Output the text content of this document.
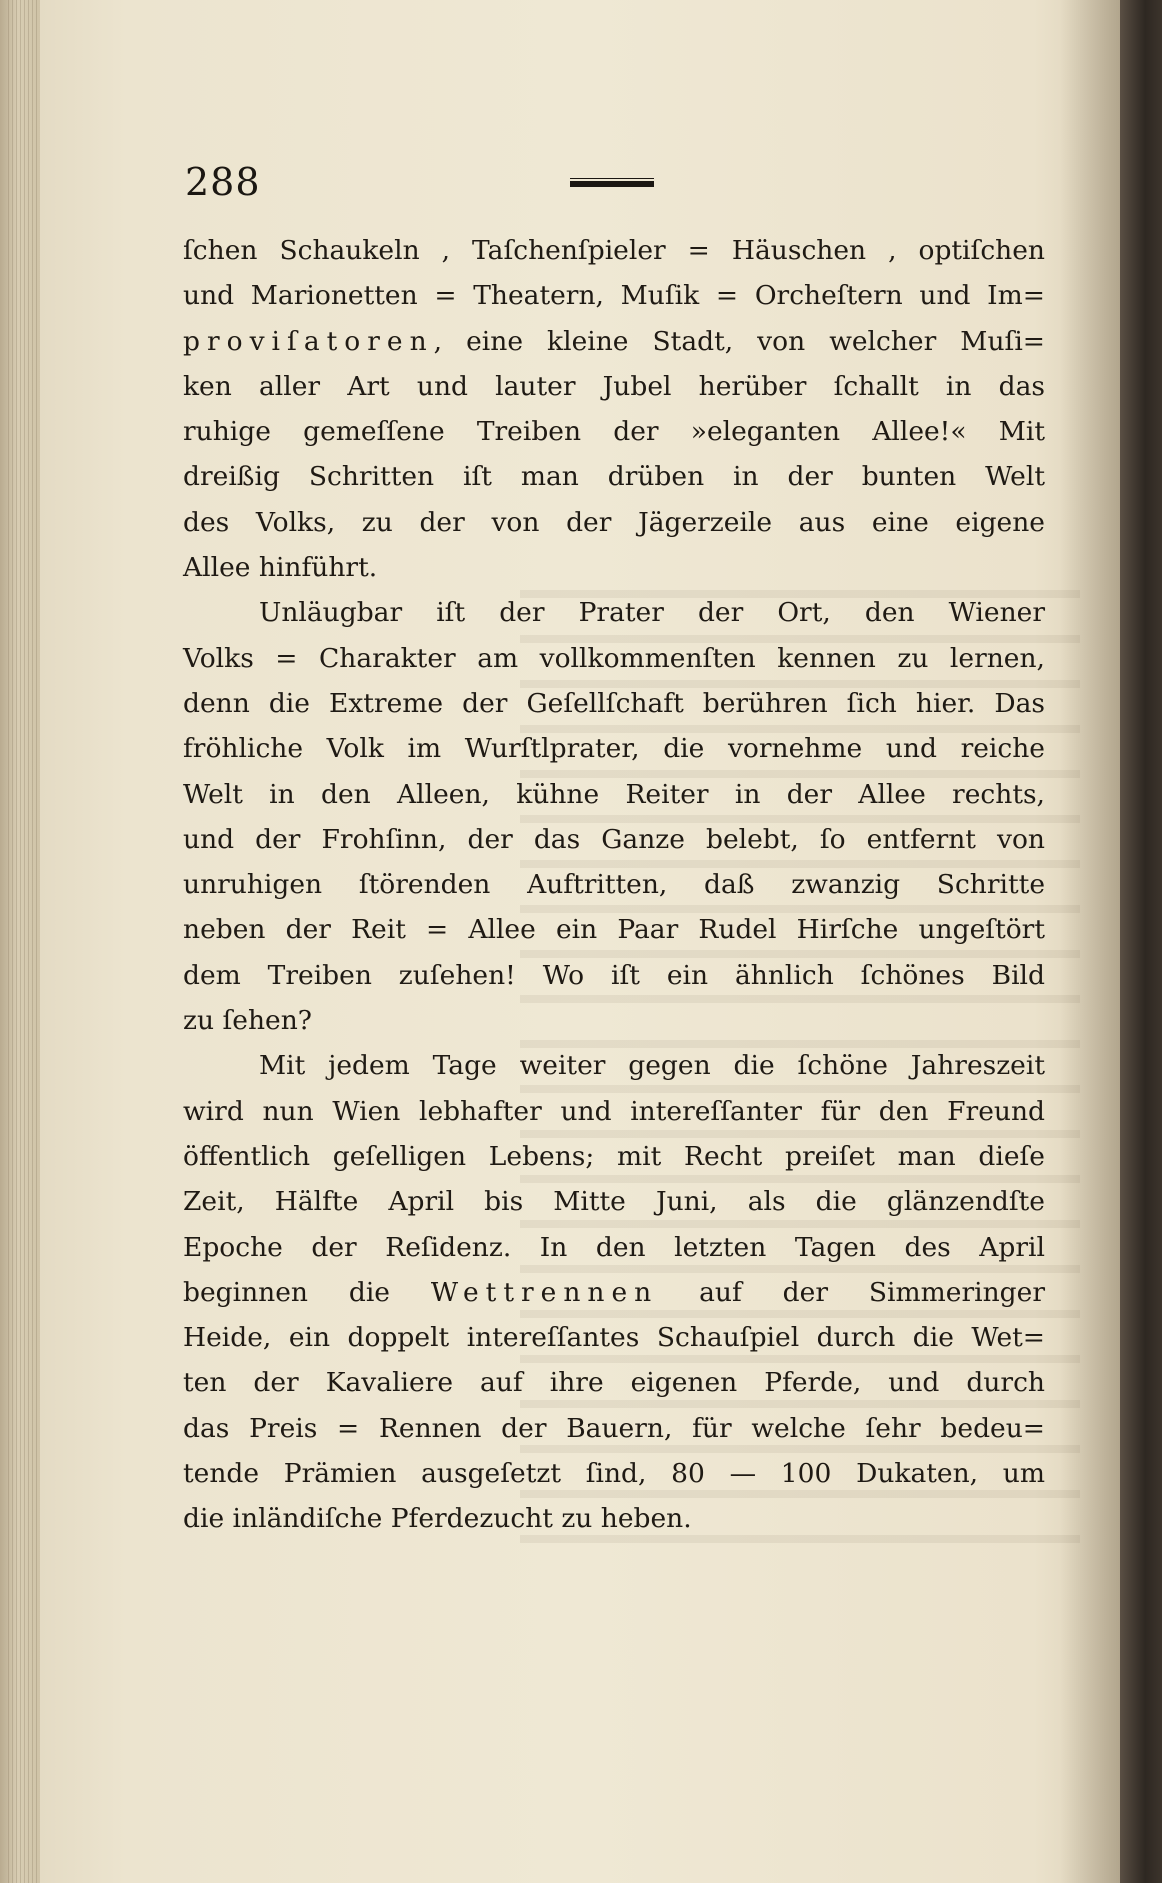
288
ſchen Schaukeln , Taſchenſpieler = Häuschen , optiſchen
und Marionetten = Theatern, Muſik = Orcheſtern und Im=
proviſatoren, eine kleine Stadt, von welcher Muſi=
ken aller Art und lauter Jubel herüber ſchallt in das
ruhige gemeſſene Treiben der »eleganten Allee!« Mit
dreißig Schritten iſt man drüben in der bunten Welt
des Volks, zu der von der Jägerzeile aus eine eigene
Allee hinführt.
Unläugbar iſt der Prater der Ort, den Wiener
Volks = Charakter am vollkommenſten kennen zu lernen,
denn die Extreme der Geſellſchaft berühren ſich hier. Das
fröhliche Volk im Wurſtlprater, die vornehme und reiche
Welt in den Alleen, kühne Reiter in der Allee rechts,
und der Frohſinn, der das Ganze belebt, ſo entfernt von
unruhigen ſtörenden Auftritten, daß zwanzig Schritte
neben der Reit = Allee ein Paar Rudel Hirſche ungeſtört
dem Treiben zuſehen! Wo iſt ein ähnlich ſchönes Bild
zu ſehen?
Mit jedem Tage weiter gegen die ſchöne Jahreszeit
wird nun Wien lebhafter und intereſſanter für den Freund
öffentlich geſelligen Lebens; mit Recht preiſet man dieſe
Zeit, Hälfte April bis Mitte Juni, als die glänzendſte
Epoche der Reſidenz. In den letzten Tagen des April
beginnen die Wettrennen auf der Simmeringer
Heide, ein doppelt intereſſantes Schauſpiel durch die Wet=
ten der Kavaliere auf ihre eigenen Pferde, und durch
das Preis = Rennen der Bauern, für welche ſehr bedeu=
tende Prämien ausgeſetzt ſind, 80 — 100 Dukaten, um
die inländiſche Pferdezucht zu heben.
